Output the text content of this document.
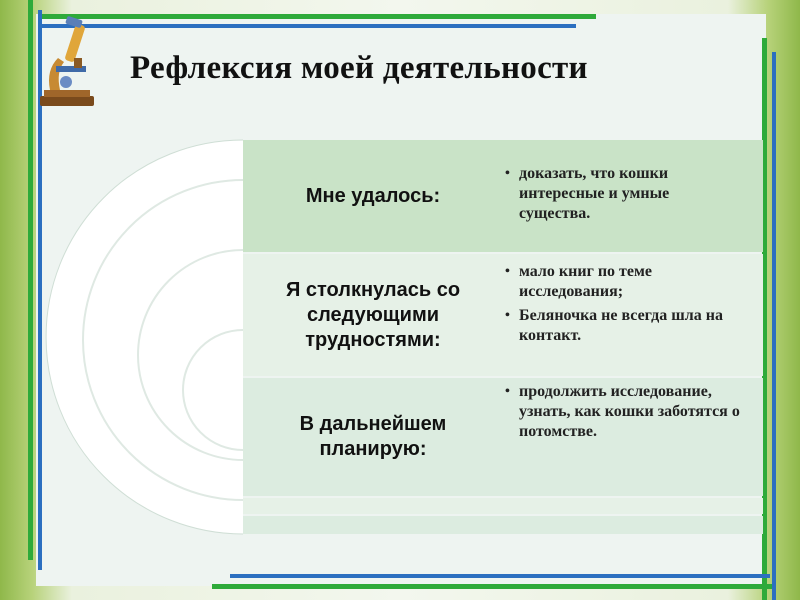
Рефлексия моей деятельности
Мне удалось:
• доказать, что кошки интересные и умные существа.
Я столкнулась со следующими трудностями:
• мало книг по теме исследования;
• Беляночка не всегда шла на контакт.
В дальнейшем планирую:
• продолжить исследование, узнать, как кошки заботятся о потомстве.
